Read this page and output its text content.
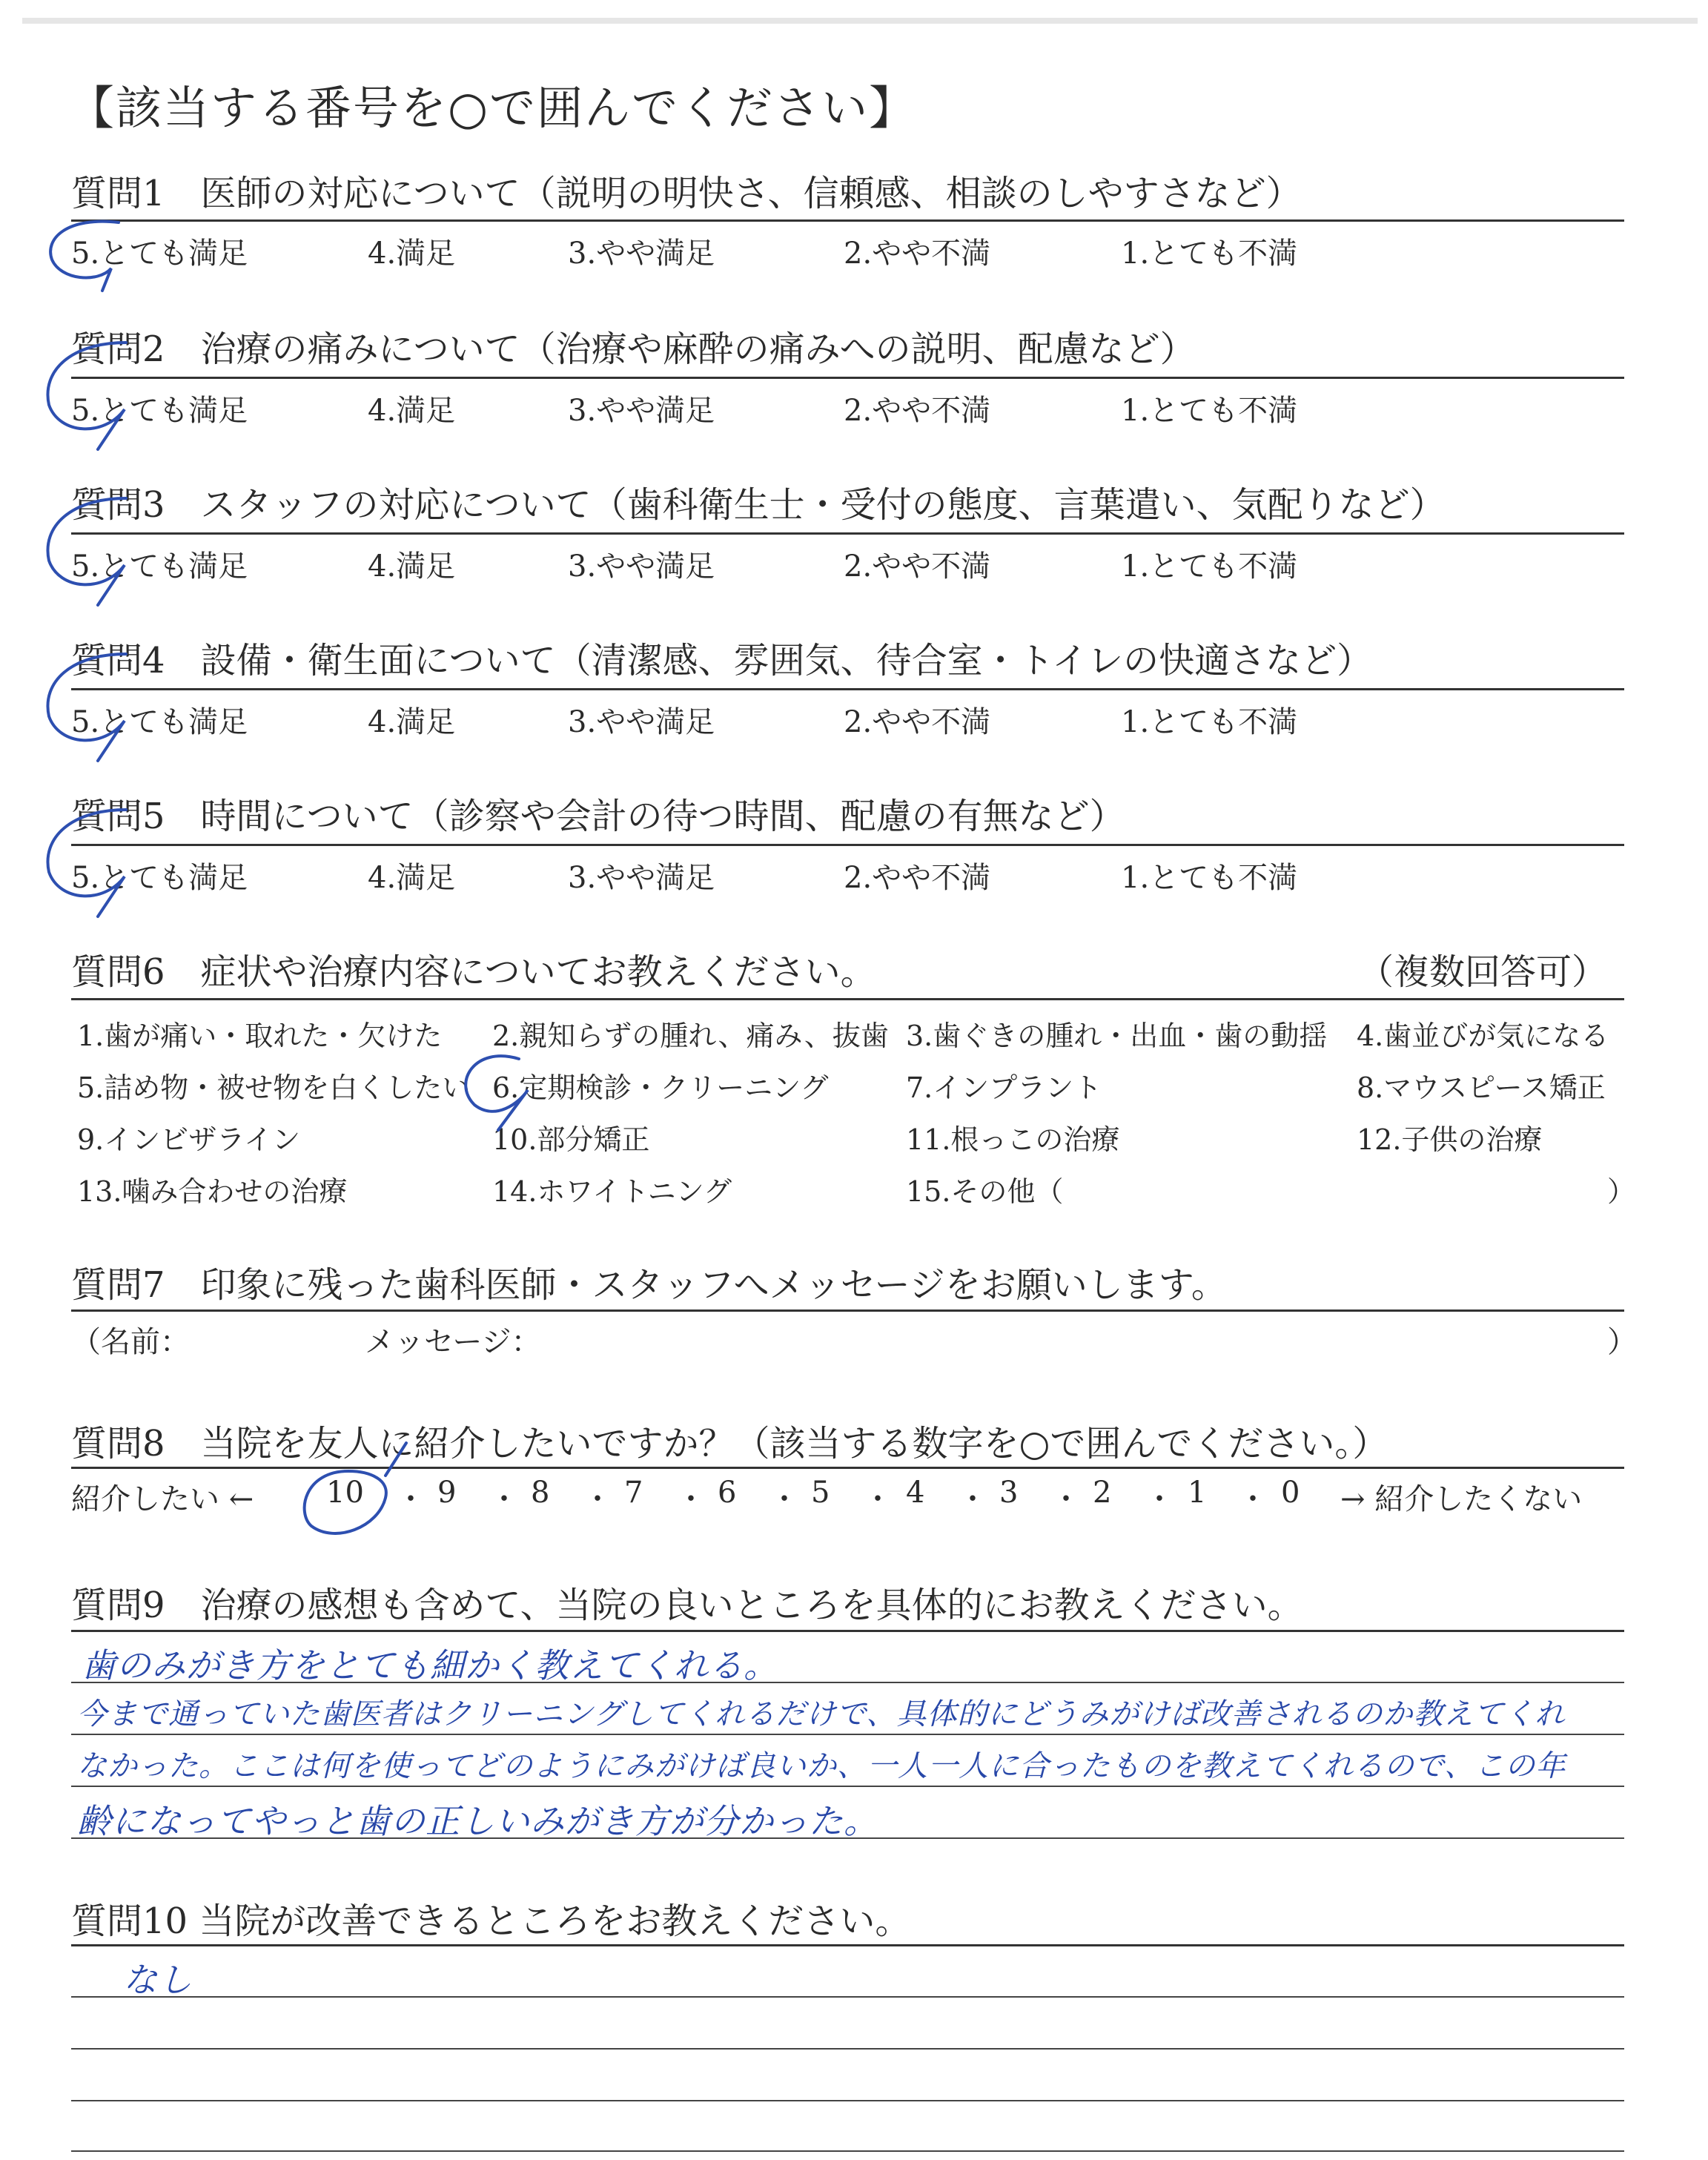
【該当する番号を○で囲んでください】
質問1　医師の対応について（説明の明快さ、信頼感、相談のしやすさなど）
5.とても満足	4.満足	3.やや満足	2.やや不満	1.とても不満
質問2　治療の痛みについて（治療や麻酔の痛みへの説明、配慮など）
5.とても満足	4.満足	3.やや満足	2.やや不満	1.とても不満
質問3　スタッフの対応について（歯科衛生士・受付の態度、言葉遣い、気配りなど）
5.とても満足	4.満足	3.やや満足	2.やや不満	1.とても不満
質問4　設備・衛生面について（清潔感、雰囲気、待合室・トイレの快適さなど）
5.とても満足	4.満足	3.やや満足	2.やや不満	1.とても不満
質問5　時間について（診察や会計の待つ時間、配慮の有無など）
5.とても満足	4.満足	3.やや満足	2.やや不満	1.とても不満
質問6　症状や治療内容についてお教えください。	（複数回答可）
1.歯が痛い・取れた・欠けた 2.親知らずの腫れ、痛み、抜歯 3.歯ぐきの腫れ・出血・歯の動揺 4.歯並びが気になる
5.詰め物・被せ物を白くしたい 6.定期検診・クリーニング	7.インプラント	8.マウスピース矯正
9.インビザライン	10.部分矯正	11.根っこの治療	12.子供の治療
13.噛み合わせの治療	14.ホワイトニング	15.その他（	）
質問7　印象に残った歯科医師・スタッフへメッセージをお願いします。
（名前：	メッセージ：	）
質問8　当院を友人に紹介したいですか？（該当する数字を○で囲んでください。）
紹介したい ← 10 9	8	7	6	5	4	3	2	1	0 → 紹介したくない
・ ・ ・ ・ ・ ・ ・ ・ ・ ・
質問9　治療の感想も含めて、当院の良いところを具体的にお教えください。
歯のみがき方をとても細かく教えてくれる。
今まで通っていた歯医者はクリーニングしてくれるだけで、具体的にどうみがけば改善されるのか教えてくれ
なかった。ここは何を使ってどのようにみがけば良いか、一人一人に合ったものを教えてくれるので、この年
齢になってやっと歯の正しいみがき方が分かった。
質問10 当院が改善できるところをお教えください。
なし
